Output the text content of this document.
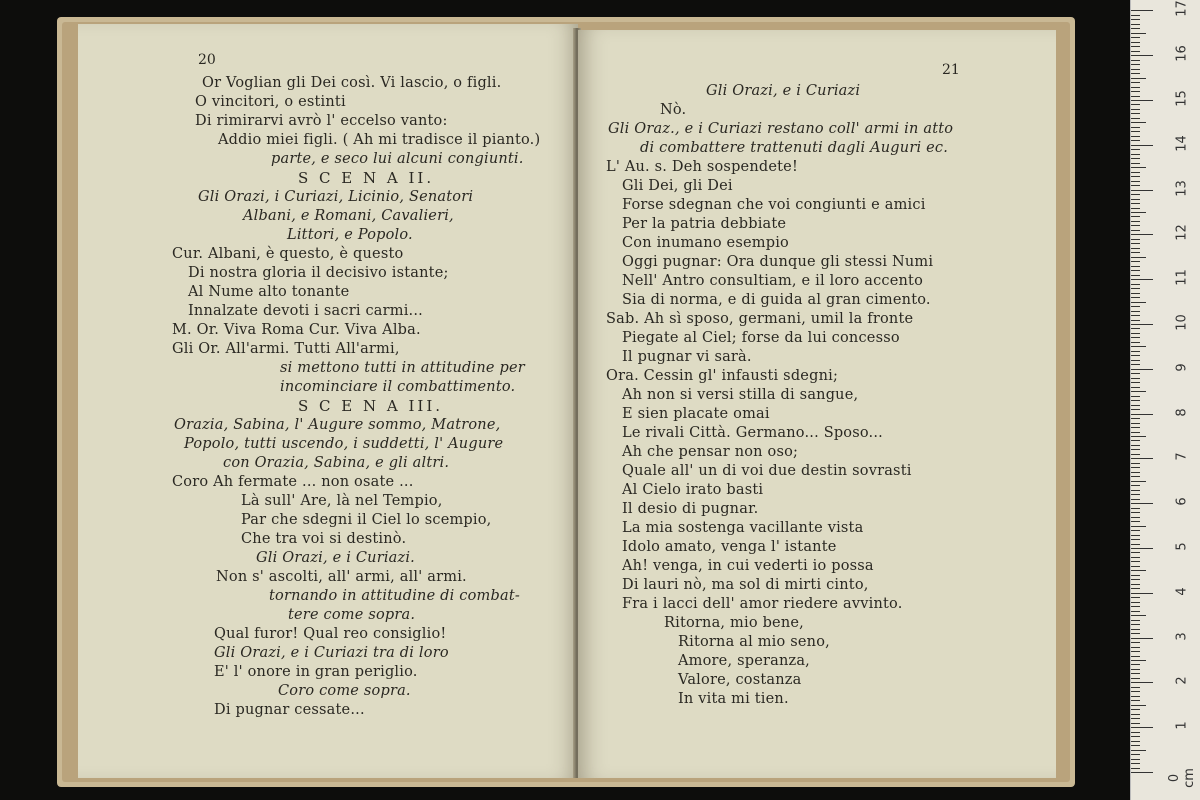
20
Or Voglian gli Dei così. Vi lascio, o figli.
O vincitori, o estinti
Di rimirarvi avrò l' eccelso vanto:
Addio miei figli. ( Ah mi tradisce il pianto.)
parte, e seco lui alcuni congiunti.
S C E N A II.
Gli Orazi, i Curiazi, Licinio, Senatori
Albani, e Romani, Cavalieri,
Littori, e Popolo.
Cur. Albani, è questo, è questo
Di nostra gloria il decisivo istante;
Al Nume alto tonante
Innalzate devoti i sacri carmi...
M. Or. Viva Roma Cur. Viva Alba.
Gli Or. All'armi. Tutti All'armi,
si mettono tutti in attitudine per
incominciare il combattimento.
S C E N A III.
Orazia, Sabina, l' Augure sommo, Matrone,
Popolo, tutti uscendo, i suddetti, l' Augure
con Orazia, Sabina, e gli altri.
Coro Ah fermate ... non osate ...
Là sull' Are, là nel Tempio,
Par che sdegni il Ciel lo scempio,
Che tra voi si destinò.
Gli Orazi, e i Curiazi.
Non s' ascolti, all' armi, all' armi.
tornando in attitudine di combat-
tere come sopra.
Qual furor! Qual reo consiglio!
Gli Orazi, e i Curiazi tra di loro
E' l' onore in gran periglio.
Coro come sopra.
Di pugnar cessate...
21
Gli Orazi, e i Curiazi
Nò.
Gli Oraz., e i Curiazi restano coll' armi in atto
di combattere trattenuti dagli Auguri ec.
L' Au. s. Deh sospendete!
Gli Dei, gli Dei
Forse sdegnan che voi congiunti e amici
Per la patria debbiate
Con inumano esempio
Oggi pugnar: Ora dunque gli stessi Numi
Nell' Antro consultiam, e il loro accento
Sia di norma, e di guida al gran cimento.
Sab. Ah sì sposo, germani, umil la fronte
Piegate al Ciel; forse da lui concesso
Il pugnar vi sarà.
Ora. Cessin gl' infausti sdegni;
Ah non si versi stilla di sangue,
E sien placate omai
Le rivali Città. Germano... Sposo...
Ah che pensar non oso;
Quale all' un di voi due destin sovrasti
Al Cielo irato basti
Il desio di pugnar.
La mia sostenga vacillante vista
Idolo amato, venga l' istante
Ah! venga, in cui vederti io possa
Di lauri nò, ma sol di mirti cinto,
Fra i lacci dell' amor riedere avvinto.
Ritorna, mio bene,
Ritorna al mio seno,
Amore, speranza,
Valore, costanza
In vita mi tien.
0 cm
1
2
3
4
5
6
7
8
9
10
11
12
13
14
15
16
17
